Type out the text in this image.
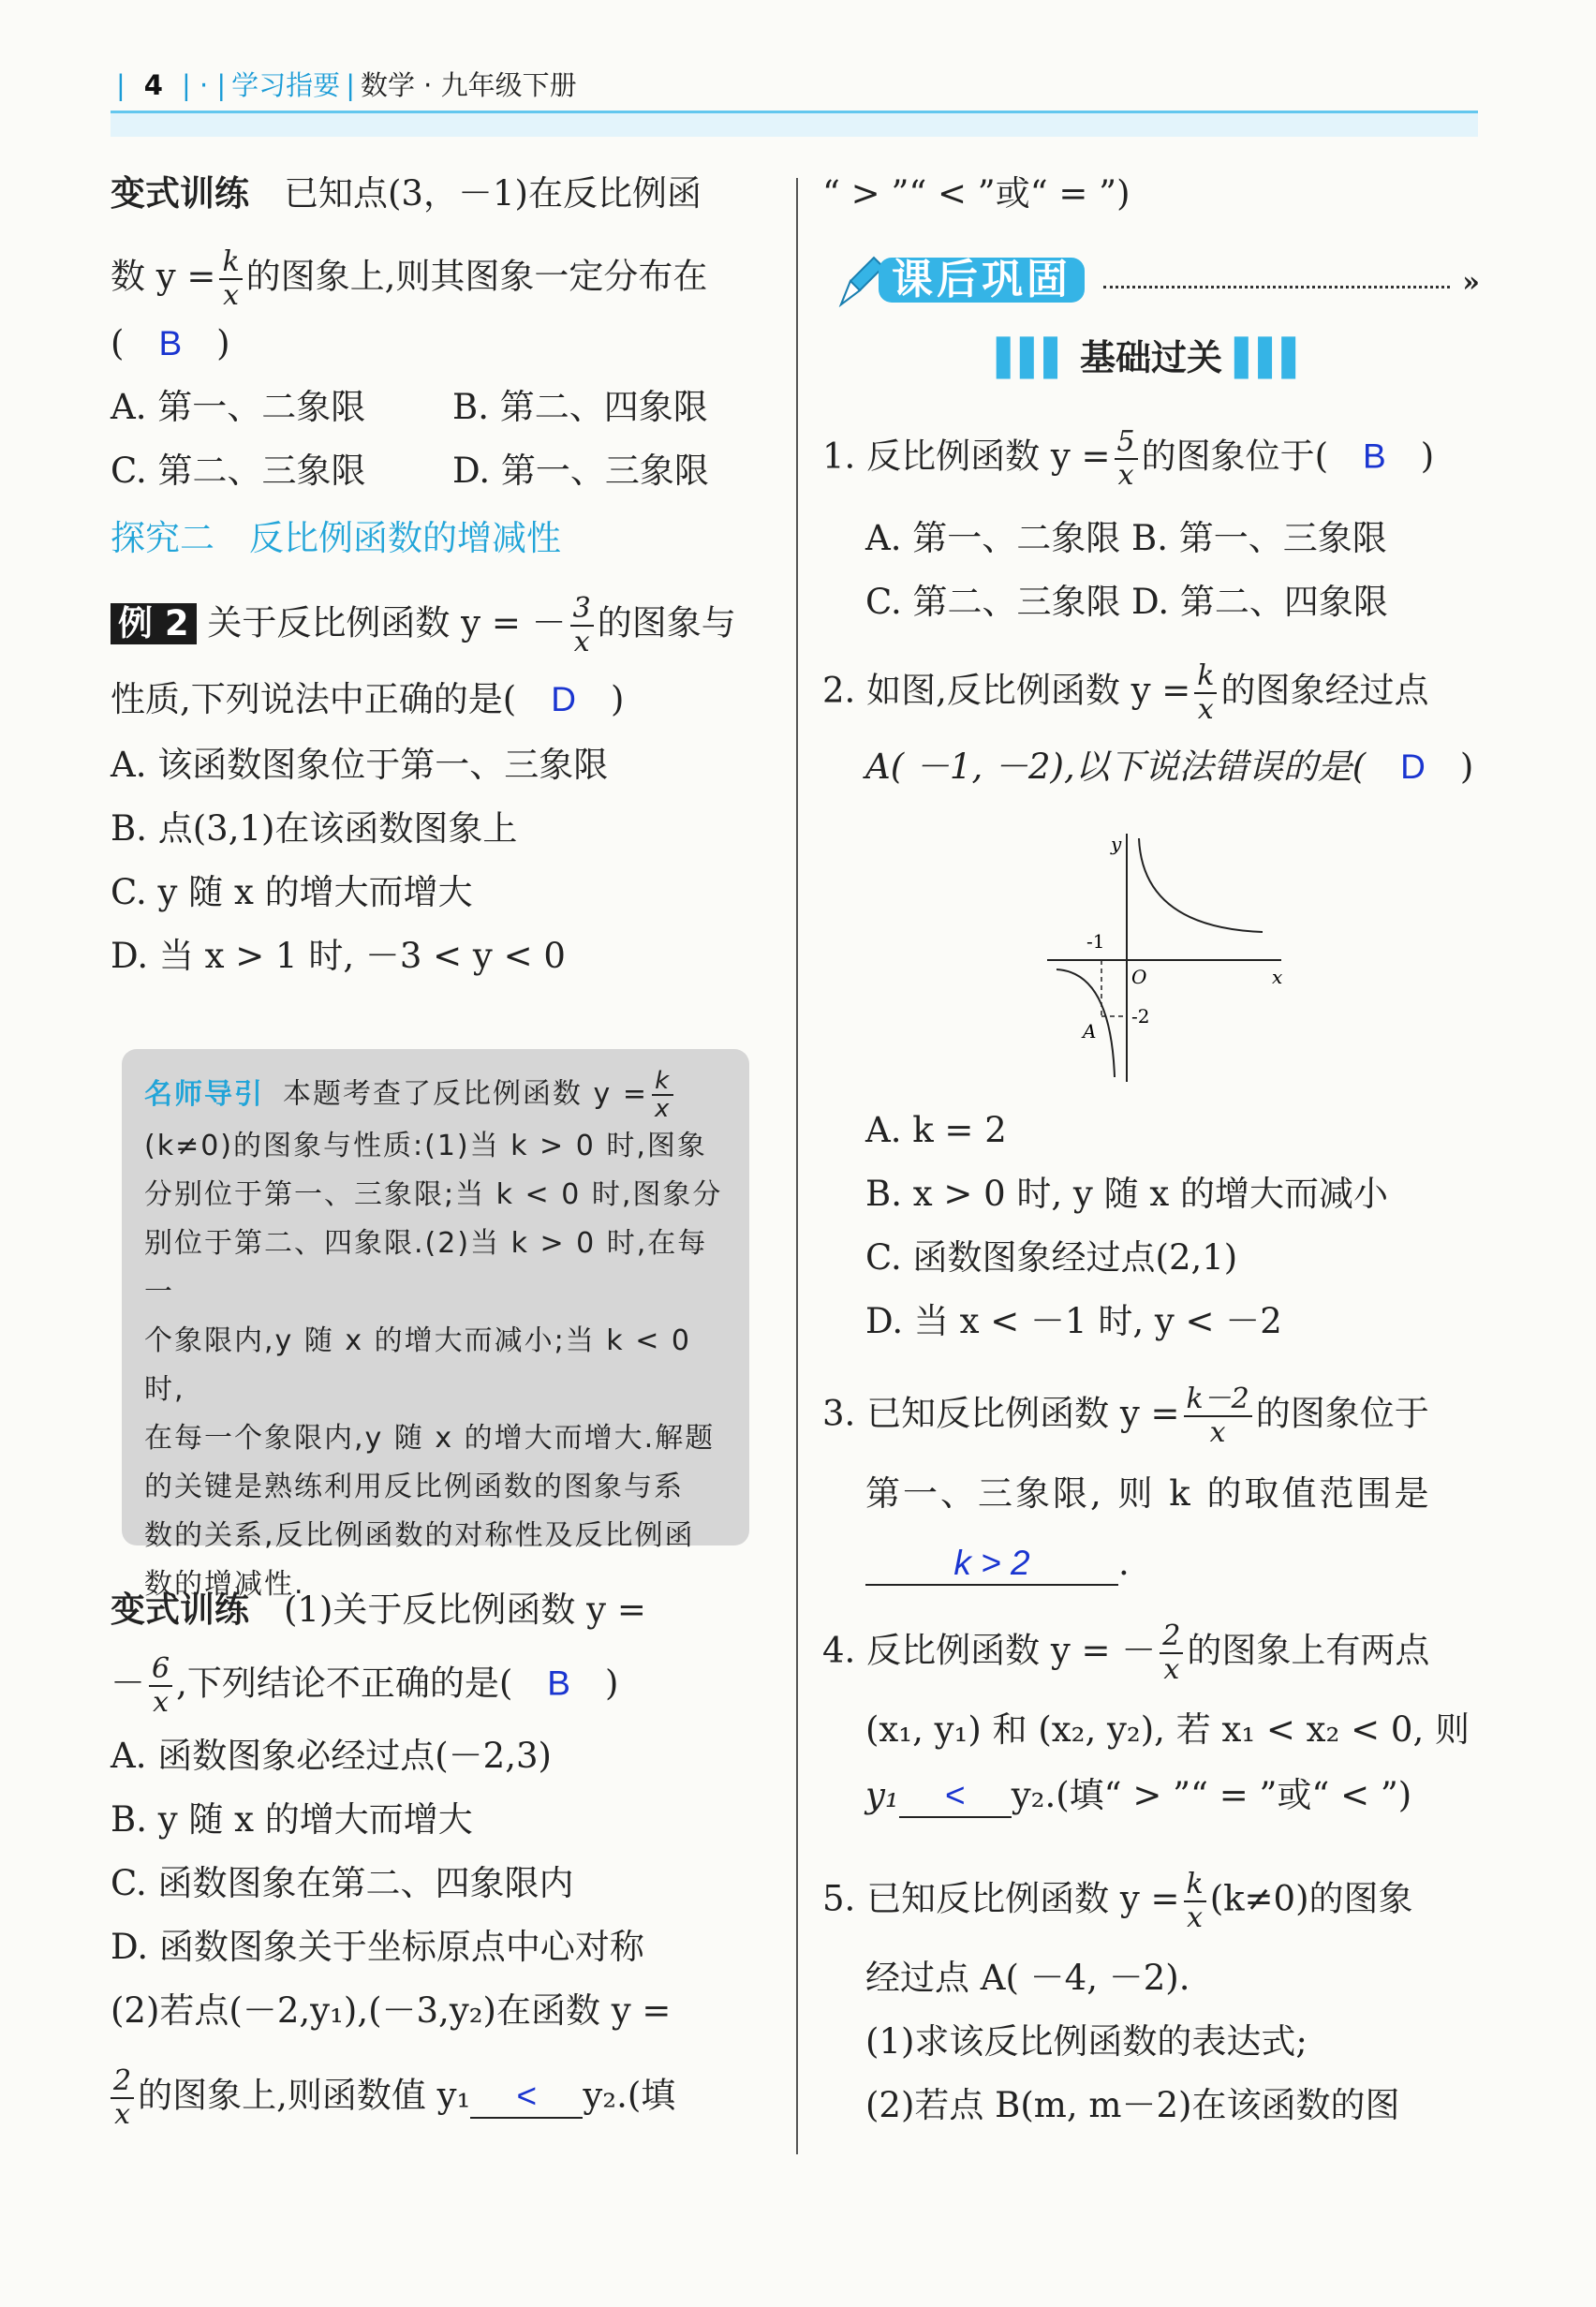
| 4 | · | 学习指要 | 数学 · 九年级下册
变式训练　 已知点(3，－1)在反比例函
数 $y = \frac{k}{x}$ 的图象上,则其图象一定分布在
(　 B　 )
A. 第一、二象限	B. 第二、四象限
C. 第二、三象限 D. 第一、三象限
探究二　反比例函数的增减性
例 2 关于反比例函数 y = － $\frac{3}{x}$ 的图象与
性质,下列说法中正确的是(　 D　 )
A. 该函数图象位于第一、三象限
B. 点(3,1)在该函数图象上
C. y 随 x 的增大而增大
D. 当 x > 1 时, －3 < y < 0
名师导引 本题考查了反比例函数 $y = \frac{k}{x}$
(k≠0)的图象与性质:(1)当 k > 0 时,图象
分别位于第一、三象限;当 k < 0 时,图象分
别位于第二、四象限.(2)当 k > 0 时,在每一
个象限内,y 随 x 的增大而减小;当 k < 0 时,
在每一个象限内,y 随 x 的增大而增大.解题
的关键是熟练利用反比例函数的图象与系
数的关系,反比例函数的对称性及反比例函
数的增减性.
变式训练　 (1)关于反比例函数 y =
－ $\frac{6}{x}$ ,下列结论不正确的是(　 B　 )
A. 函数图象必经过点(－2,3)
B. y 随 x 的增大而增大
C. 函数图象在第二、四象限内
D. 函数图象关于坐标原点中心对称
(2)若点(－2,y₁),(－3,y₂)在函数 y =
$\frac{2}{x}$ 的图象上,则函数值 y₁ < y₂.(填
“ > ”“ < ”或“ = ”)
课后巩固	»
▌▌▌ 基础过关 ▌▌▌
1. 反比例函数 $y = \frac{5}{x}$ 的图象位于(　 B　 )
A. 第一、二象限 B. 第一、三象限
C. 第二、三象限 D. 第二、四象限
2. 如图,反比例函数 $y = \frac{k}{x}$ 的图象经过点
A( －1, －2),以下说法错误的是(　 D　 )
y
x
O
-1
-2
A
A. k = 2
B. x > 0 时, y 随 x 的增大而减小
C. 函数图象经过点(2,1)
D. 当 x < －1 时, y < －2
3. 已知反比例函数 $y = \frac{k-2}{x}$ 的图象位于
第一、三象限, 则 k 的取值范围是
k > 2	.
4. 反比例函数 y = － $\frac{2}{x}$ 的图象上有两点
(x₁, y₁) 和 (x₂, y₂), 若 x₁ < x₂ < 0, 则
y₁ < y₂.(填“ > ”“ = ”或“ < ”)
5. 已知反比例函数 $y = \frac{k}{x} (k\ne 0)$的图象
经过点 A( －4, －2).
(1)求该反比例函数的表达式;
(2)若点 B(m, m－2)在该函数的图
